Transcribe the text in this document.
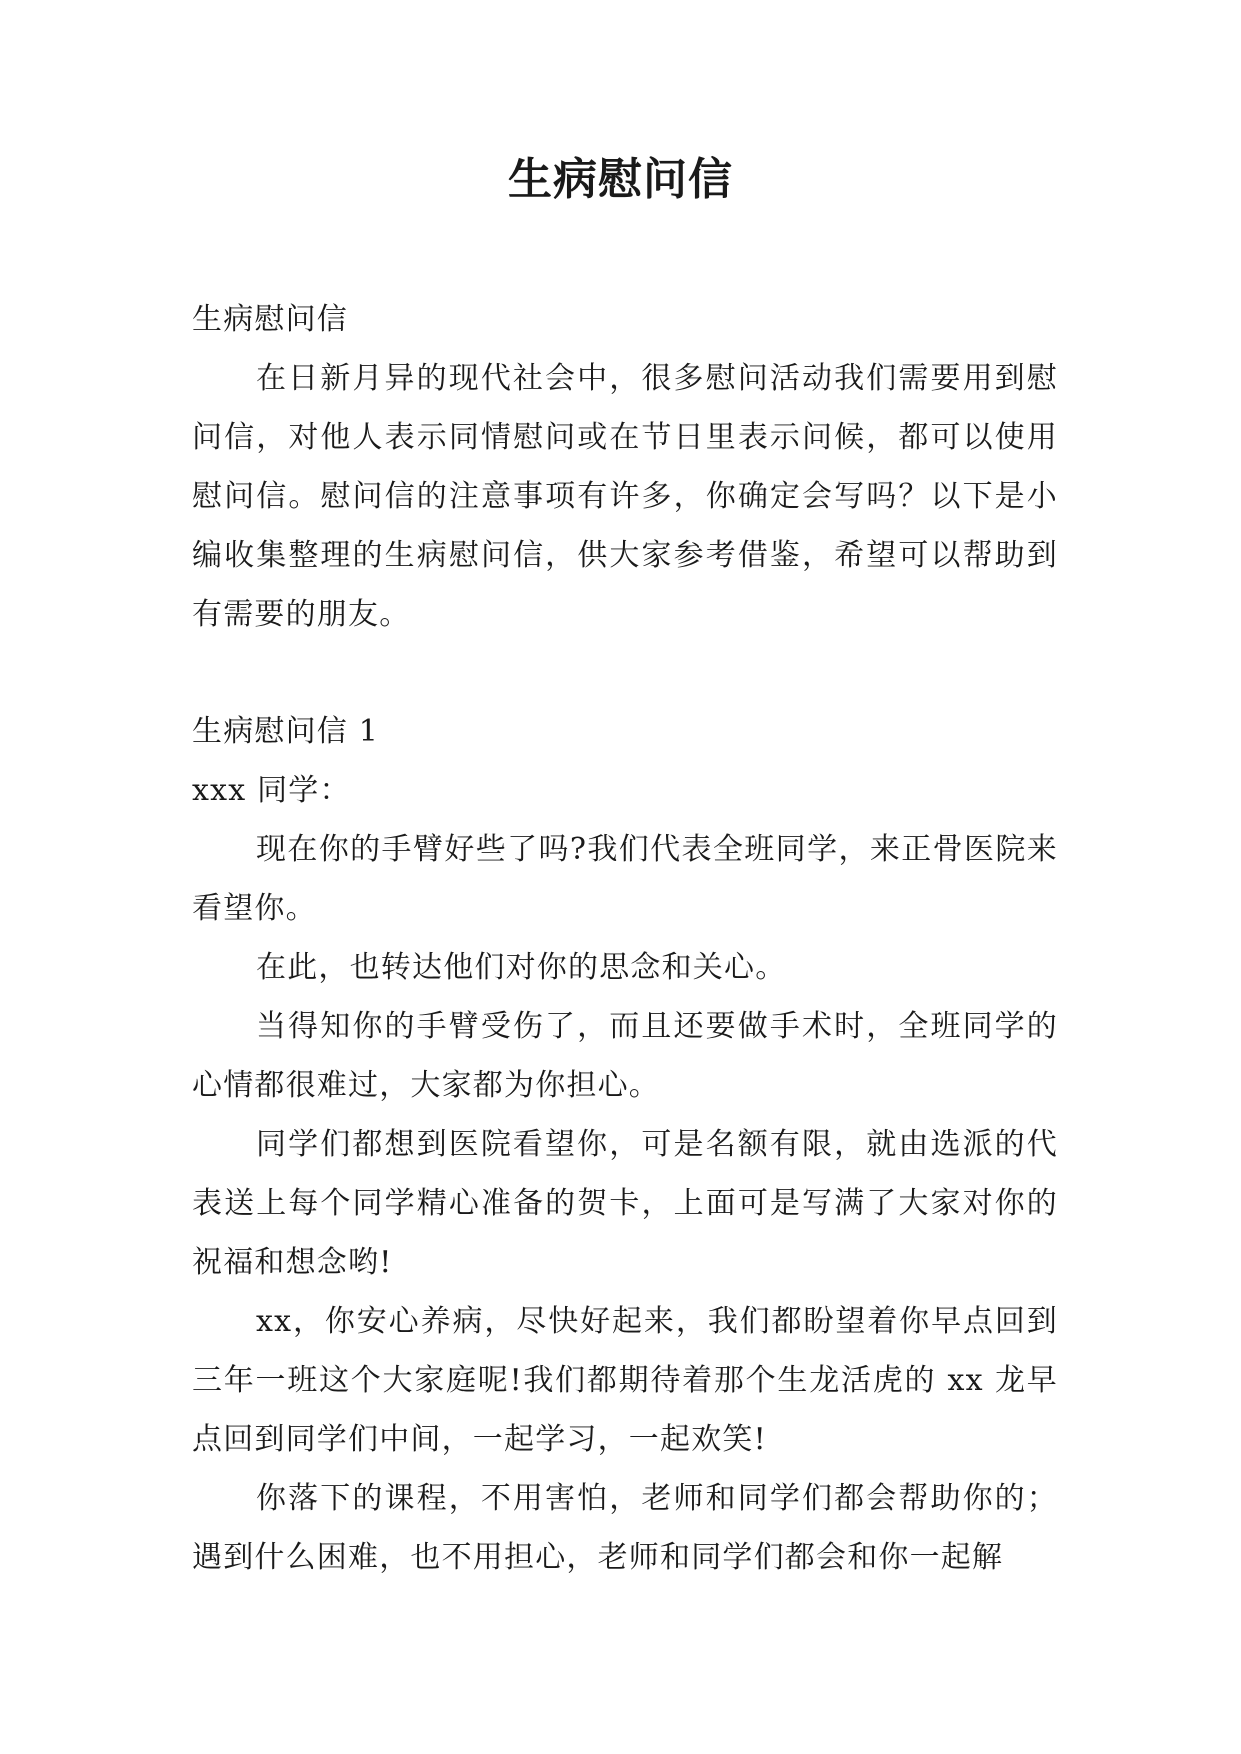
生病慰问信

生病慰问信

在日新月异的现代社会中，很多慰问活动我们需要用到慰问信，对他人表示同情慰问或在节日里表示问候，都可以使用慰问信。慰问信的注意事项有许多，你确定会写吗？以下是小编收集整理的生病慰问信，供大家参考借鉴，希望可以帮助到有需要的朋友。

生病慰问信 1

xxx 同学：

现在你的手臂好些了吗?我们代表全班同学，来正骨医院来看望你。

在此，也转达他们对你的思念和关心。

当得知你的手臂受伤了，而且还要做手术时，全班同学的心情都很难过，大家都为你担心。

同学们都想到医院看望你，可是名额有限，就由选派的代表送上每个同学精心准备的贺卡，上面可是写满了大家对你的祝福和想念哟!

xx，你安心养病，尽快好起来，我们都盼望着你早点回到三年一班这个大家庭呢!我们都期待着那个生龙活虎的 xx 龙早点回到同学们中间，一起学习，一起欢笑!

你落下的课程，不用害怕，老师和同学们都会帮助你的；遇到什么困难，也不用担心，老师和同学们都会和你一起解
